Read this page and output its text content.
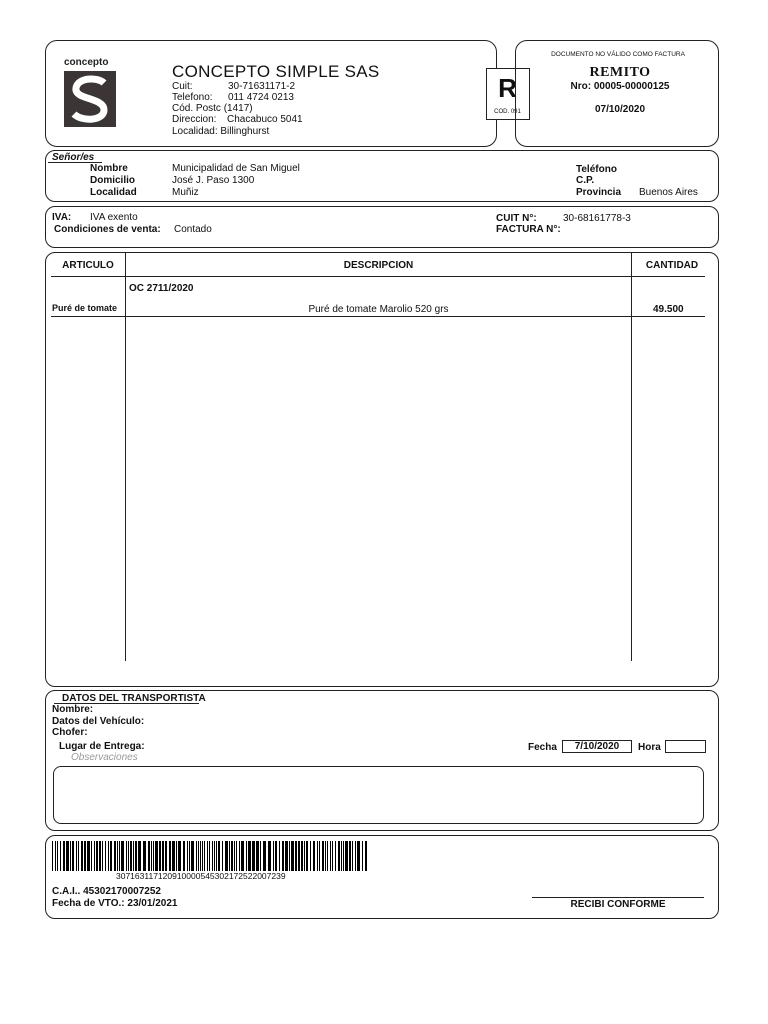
concepto	CONCEPTO SIMPLE SAS
Cuit:	30-71631171-2
Telefono: 011 4724 0213
Cód. Postc (1417)
Direccion: Chacabuco 5041
Localidad: Billinghurst
R
COD. 091
DOCUMENTO NO VÁLIDO COMO FACTURA
REMITO
Nro: 00005-00000125
07/10/2020
Señor/es
Nombre	Municipalidad de San Miguel
Domicilio	José J. Paso 1300
Localidad	Muñiz
Teléfono
C.P.
Provincia Buenos Aires
IVA: IVA exento
Condiciones de venta: Contado
CUIT N°:	30-68161778-3
FACTURA N°:
ARTICULO	DESCRIPCION	CANTIDAD
OC 2711/2020
Puré de tomate	Puré de tomate Marolio 520 grs	49.500
DATOS DEL TRANSPORTISTA
Nombre:
Datos del Vehículo:
Chofer:
Lugar de Entrega:
Observaciones
Fecha	7/10/2020	Hora
30716311712091000054530217252200723​9
C.A.I.. 45302170007252
Fecha de VTO.: 23/01/2021	RECIBI CONFORME
